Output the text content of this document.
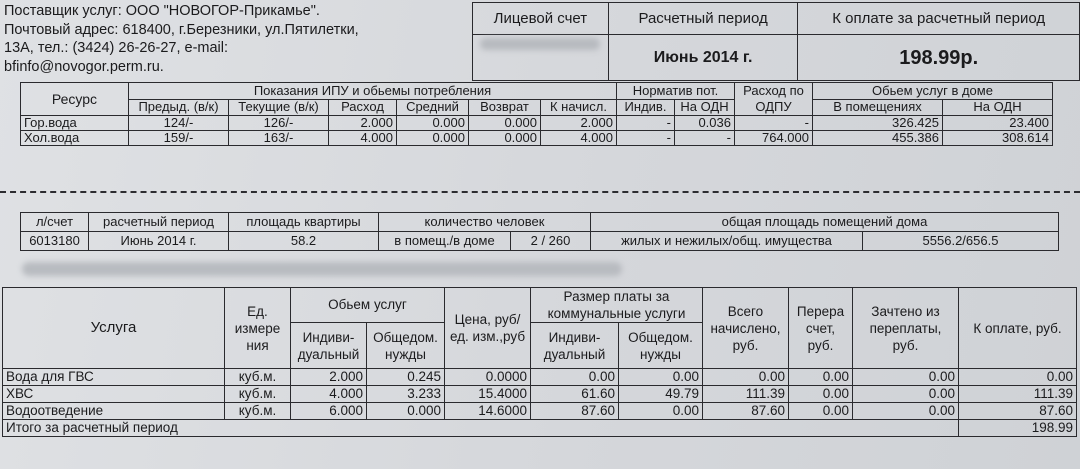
Поставщик услуг: ООО "НОВОГОР-Прикамье".
Почтовый адрес: 618400, г.Березники, ул.Пятилетки,
13А, тел.: (3424) 26-26-27, e-mail:
bfinfo@novogor.perm.ru.
Лицевой счет	Расчетный период	К оплате за расчетный период
	Июнь 2014 г.	198.99р.
Ресурс	Показания ИПУ и обьемы потребления						Норматив пот.		Расход по ОДПУ	Обьем услуг в доме	
	Предыд. (в/к)	Текущие (в/к)	Расход	Средний	Возврат	К начисл.	Индив.	На ОДН		В помещениях	На ОДН
Гор.вода	124/-	126/-	2.000	0.000	0.000	2.000	-	0.036	-	326.425	23.400
Хол.вода	159/-	163/-	4.000	0.000	0.000	4.000	-	-	764.000	455.386	308.614
л/счет	расчетный период	площадь квартиры	количество человек		общая площадь помещений дома	
6013180	Июнь 2014 г.	58.2	в помещ./в доме	2 / 260	жилых и нежилых/общ. имущества	5556.2/656.5
Услуга	Ед. измере ния	Обьем услуг		Цена, руб/ед. изм.,руб	Размер платы за коммунальные услуги		Всего начислено, руб.	Перера счет, руб.	Зачтено из переплаты, руб.	К оплате, руб.

		Индиви- дуальный	Общедом. нужды		Индиви- дуальный	Общедом. нужды				
Вода для ГВС	куб.м.	2.000	0.245	0.0000	0.00	0.00	0.00	0.00	0.00	0.00
ХВС	куб.м.	4.000	3.233	15.4000	61.60	49.79	111.39	0.00	0.00	111.39
Водоотведение	куб.м.	6.000	0.000	14.6000	87.60	0.00	87.60	0.00	0.00	87.60
Итого за расчетный период										198.99
